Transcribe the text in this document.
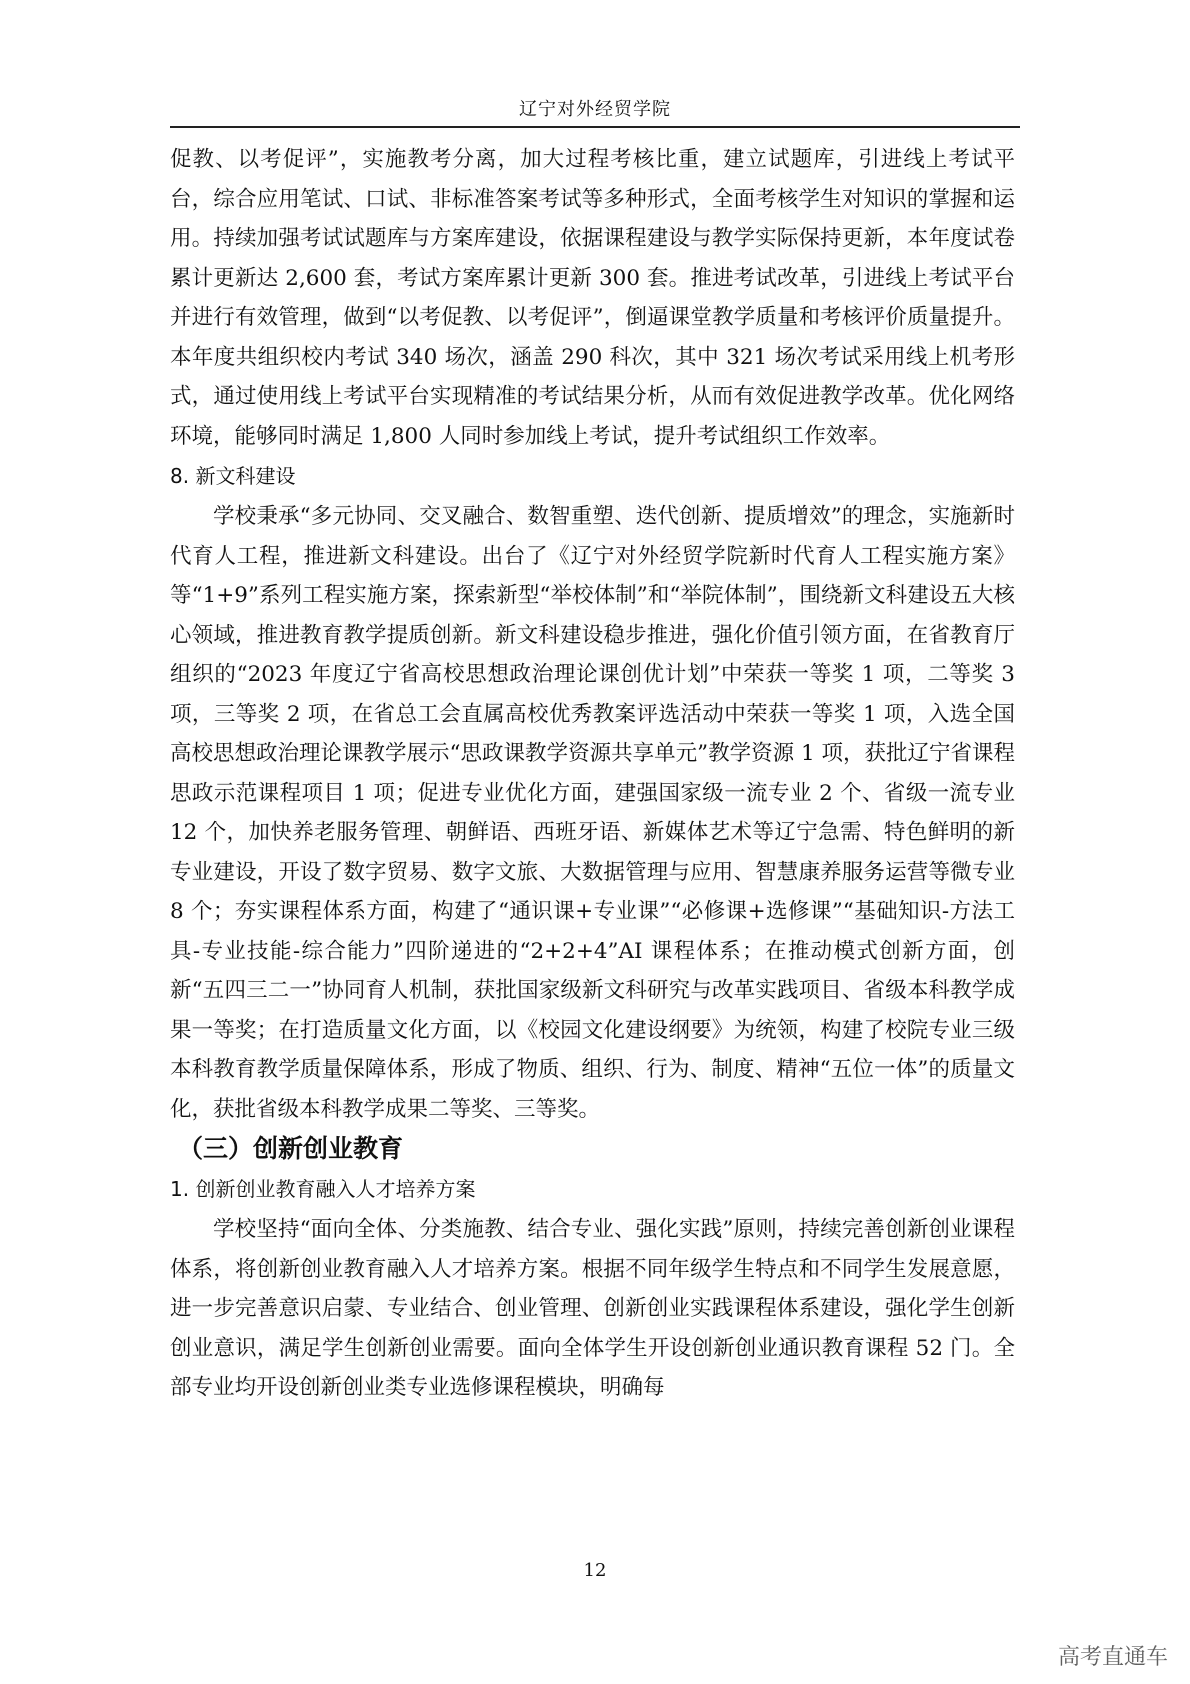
辽宁对外经贸学院

促教、以考促评”，实施教考分离，加大过程考核比重，建立试题库，引进线上考试平台，综合应用笔试、口试、非标准答案考试等多种形式，全面考核学生对知识的掌握和运用。持续加强考试试题库与方案库建设，依据课程建设与教学实际保持更新，本年度试卷累计更新达 2,600 套，考试方案库累计更新 300 套。推进考试改革，引进线上考试平台并进行有效管理，做到“以考促教、以考促评”，倒逼课堂教学质量和考核评价质量提升。本年度共组织校内考试 340 场次，涵盖 290 科次，其中 321 场次考试采用线上机考形式，通过使用线上考试平台实现精准的考试结果分析，从而有效促进教学改革。优化网络环境，能够同时满足 1,800 人同时参加线上考试，提升考试组织工作效率。

8. 新文科建设

学校秉承“多元协同、交叉融合、数智重塑、迭代创新、提质增效”的理念，实施新时代育人工程，推进新文科建设。出台了《辽宁对外经贸学院新时代育人工程实施方案》等“1+9”系列工程实施方案，探索新型“举校体制”和“举院体制”，围绕新文科建设五大核心领域，推进教育教学提质创新。新文科建设稳步推进，强化价值引领方面，在省教育厅组织的“2023 年度辽宁省高校思想政治理论课创优计划”中荣获一等奖 1 项，二等奖 3 项，三等奖 2 项，在省总工会直属高校优秀教案评选活动中荣获一等奖 1 项，入选全国高校思想政治理论课教学展示“思政课教学资源共享单元”教学资源 1 项，获批辽宁省课程思政示范课程项目 1 项；促进专业优化方面，建强国家级一流专业 2 个、省级一流专业 12 个，加快养老服务管理、朝鲜语、西班牙语、新媒体艺术等辽宁急需、特色鲜明的新专业建设，开设了数字贸易、数字文旅、大数据管理与应用、智慧康养服务运营等微专业 8 个；夯实课程体系方面，构建了“通识课+专业课”“必修课+选修课”“基础知识-方法工具-专业技能-综合能力”四阶递进的“2+2+4”AI 课程体系；在推动模式创新方面，创新“五四三二一”协同育人机制，获批国家级新文科研究与改革实践项目、省级本科教学成果一等奖；在打造质量文化方面，以《校园文化建设纲要》为统领，构建了校院专业三级本科教育教学质量保障体系，形成了物质、组织、行为、制度、精神“五位一体”的质量文化，获批省级本科教学成果二等奖、三等奖。

（三）创新创业教育
1. 创新创业教育融入人才培养方案

学校坚持“面向全体、分类施教、结合专业、强化实践”原则，持续完善创新创业课程体系，将创新创业教育融入人才培养方案。根据不同年级学生特点和不同学生发展意愿，进一步完善意识启蒙、专业结合、创业管理、创新创业实践课程体系建设，强化学生创新创业意识，满足学生创新创业需要。面向全体学生开设创新创业通识教育课程 52 门。全部专业均开设创新创业类专业选修课程模块，明确每

12
高考直通车
